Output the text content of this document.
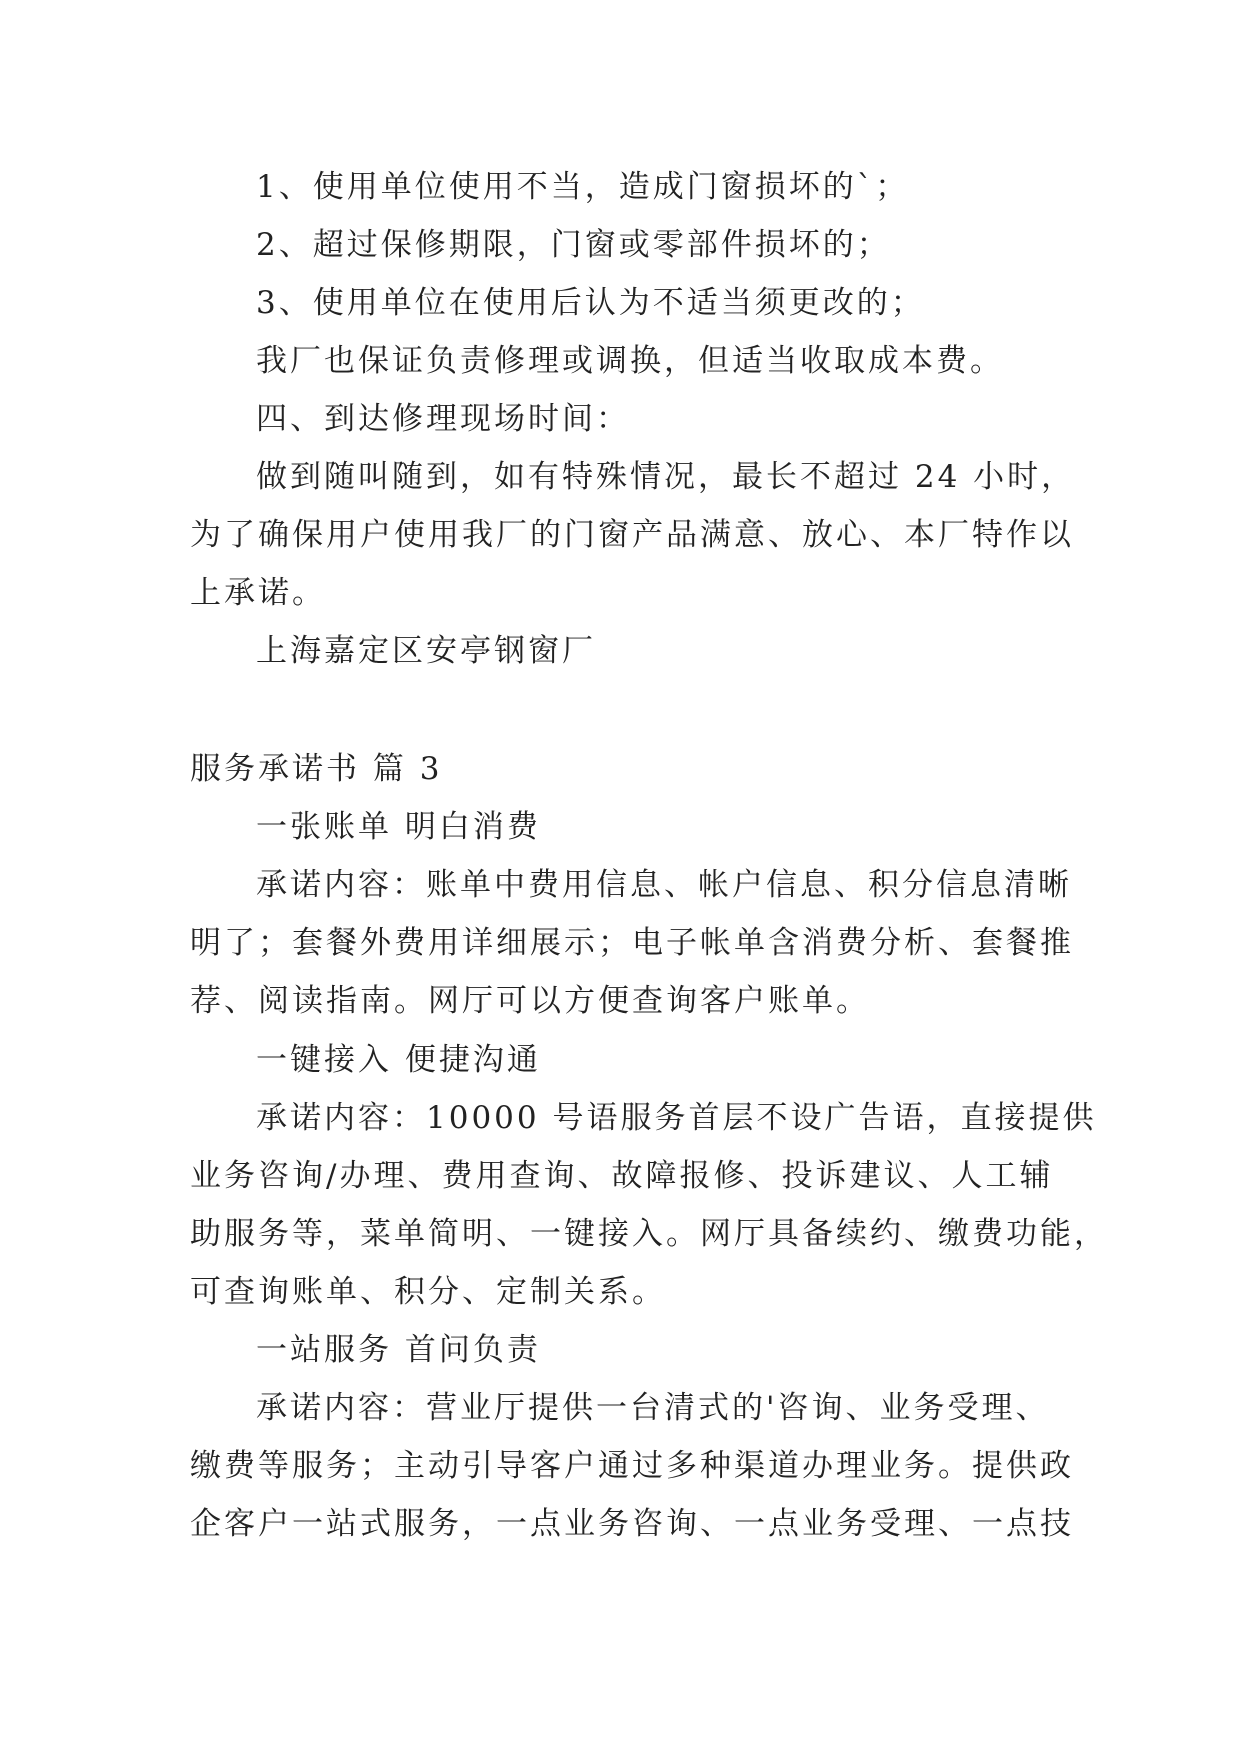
1、使用单位使用不当，造成门窗损坏的`；
2、超过保修期限，门窗或零部件损坏的；
3、使用单位在使用后认为不适当须更改的；
我厂也保证负责修理或调换，但适当收取成本费。
四、到达修理现场时间：
做到随叫随到，如有特殊情况，最长不超过 24 小时，
为了确保用户使用我厂的门窗产品满意、放心、本厂特作以
上承诺。
上海嘉定区安亭钢窗厂
服务承诺书 篇 3
一张账单 明白消费
承诺内容：账单中费用信息、帐户信息、积分信息清晰
明了；套餐外费用详细展示；电子帐单含消费分析、套餐推
荐、阅读指南。网厅可以方便查询客户账单。
一键接入 便捷沟通
承诺内容：10000 号语服务首层不设广告语，直接提供
业务咨询/办理、费用查询、故障报修、投诉建议、人工辅
助服务等，菜单简明、一键接入。网厅具备续约、缴费功能，
可查询账单、积分、定制关系。
一站服务 首问负责
承诺内容：营业厅提供一台清式的'咨询、业务受理、
缴费等服务；主动引导客户通过多种渠道办理业务。提供政
企客户一站式服务，一点业务咨询、一点业务受理、一点技
